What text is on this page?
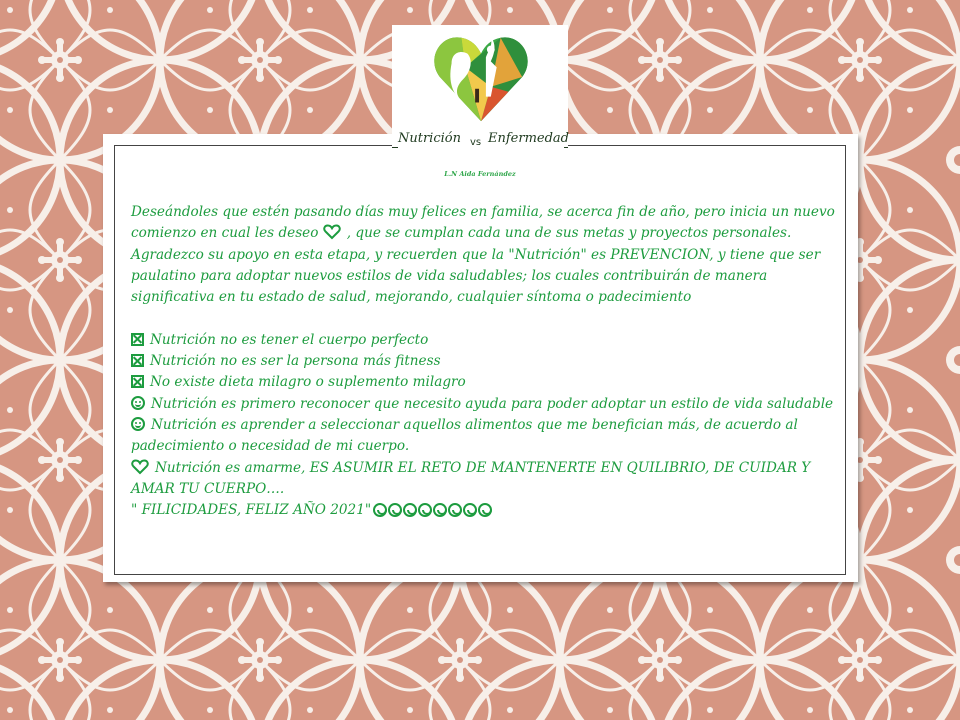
Nutrición vs Enfermedad
L.N Aida Fernández

Deseándoles que estén pasando días muy felices en familia, se acerca fin de año, pero inicia un nuevo comienzo en cual les deseo , que se cumplan cada una de sus metas y proyectos personales. Agradezco su apoyo en esta etapa, y recuerden que la "Nutrición" es PREVENCION, y tiene que ser paulatino para adoptar nuevos estilos de vida saludables; los cuales contribuirán de manera significativa en tu estado de salud, mejorando, cualquier síntoma o padecimiento

Nutrición no es tener el cuerpo perfecto

Nutrición no es ser la persona más fitness

No existe dieta milagro o suplemento milagro

Nutrición es primero reconocer que necesito ayuda para poder adoptar un estilo de vida saludable

Nutrición es aprender a seleccionar aquellos alimentos que me benefician más, de acuerdo al padecimiento o necesidad de mi cuerpo.

Nutrición es amarme, ES ASUMIR EL RETO DE MANTENERTE EN QUILIBRIO, DE CUIDAR Y AMAR TU CUERPO….

" FILICIDADES, FELIZ AÑO 2021"
